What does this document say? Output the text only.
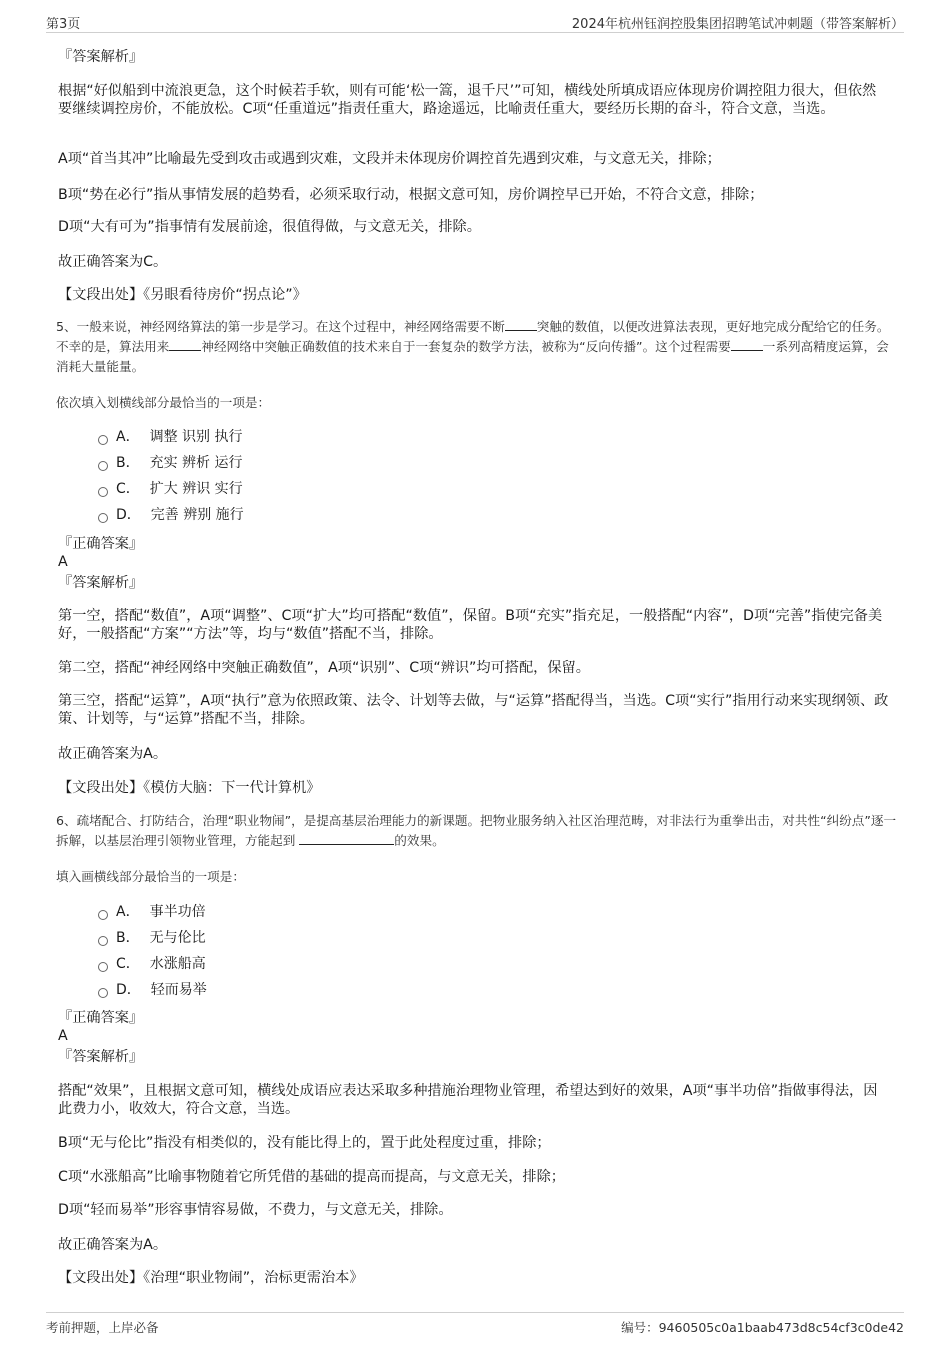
第3页	2024年杭州钰润控股集团招聘笔试冲刺题（带答案解析）

『答案解析』

根据“好似船到中流浪更急，这个时候若手软，则有可能‘松一篙，退千尺’”可知，横线处所填成语应体现房价调控阻力很大，但依然要继续调控房价，不能放松。C项“任重道远”指责任重大，路途遥远，比喻责任重大，要经历长期的奋斗，符合文意，当选。

A项“首当其冲”比喻最先受到攻击或遇到灾难，文段并未体现房价调控首先遇到灾难，与文意无关，排除；

B项“势在必行”指从事情发展的趋势看，必须采取行动，根据文意可知，房价调控早已开始，不符合文意，排除；

D项“大有可为”指事情有发展前途，很值得做，与文意无关，排除。

故正确答案为C。

【文段出处】《另眼看待房价“拐点论”》

5、一般来说，神经网络算法的第一步是学习。在这个过程中，神经网络需要不断	突触的数值，以便改进算法表现，更好地完成分配给它的任务。不幸的是，算法用来	神经网络中突触正确数值的技术来自于一套复杂的数学方法，被称为“反向传播”。这个过程需要	一系列高精度运算，会消耗大量能量。

依次填入划横线部分最恰当的一项是：

A． 调整 识别 执行
B． 充实 辨析 运行
C． 扩大 辨识 实行
D． 完善 辨别 施行

『正确答案』

A

『答案解析』

第一空，搭配“数值”，A项“调整”、C项“扩大”均可搭配“数值”，保留。B项“充实”指充足，一般搭配“内容”，D项“完善”指使完备美好，一般搭配“方案”“方法”等，均与“数值”搭配不当，排除。

第二空，搭配“神经网络中突触正确数值”，A项“识别”、C项“辨识”均可搭配，保留。

第三空，搭配“运算”，A项“执行”意为依照政策、法令、计划等去做，与“运算”搭配得当，当选。C项“实行”指用行动来实现纲领、政策、计划等，与“运算”搭配不当，排除。

故正确答案为A。

【文段出处】《模仿大脑：下一代计算机》

6、疏堵配合、打防结合，治理“职业物闹”，是提高基层治理能力的新课题。把物业服务纳入社区治理范畴，对非法行为重拳出击，对共性“纠纷点”逐一拆解，以基层治理引领物业管理，方能起到	的效果。

填入画横线部分最恰当的一项是：

A． 事半功倍
B． 无与伦比
C． 水涨船高
D． 轻而易举

『正确答案』

A

『答案解析』

搭配“效果”，且根据文意可知，横线处成语应表达采取多种措施治理物业管理，希望达到好的效果，A项“事半功倍”指做事得法，因此费力小，收效大，符合文意，当选。

B项“无与伦比”指没有相类似的，没有能比得上的，置于此处程度过重，排除；

C项“水涨船高”比喻事物随着它所凭借的基础的提高而提高，与文意无关，排除；

D项“轻而易举”形容事情容易做，不费力，与文意无关，排除。

故正确答案为A。

【文段出处】《治理“职业物闹”，治标更需治本》

考前押题，上岸必备	编号：9460505c0a1baab473d8c54cf3c0de42
